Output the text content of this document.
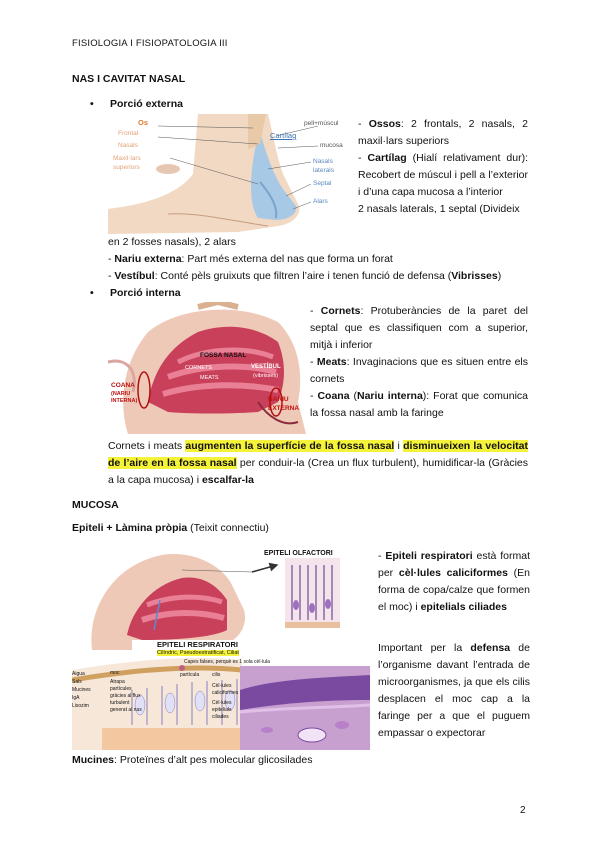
FISIOLOGIA I FISIOPATOLOGIA III
NAS I CAVITAT NASAL
• Porció externa
Os
Frontal
Nasals
Maxil·lars
superiors
pell+múscul
Cartílag
mucosa
Nasals
laterals
Septal
Alars
- Ossos: 2 frontals, 2 nasals, 2 maxil·lars superiors
- Cartílag (Hialí relativament dur): Recobert de múscul i pell a l’exterior i d’una capa mucosa a l’interior
2 nasals laterals, 1 septal (Divideix
en 2 fosses nasals), 2 alars
- Nariu externa: Part més externa del nas que forma un forat
- Vestíbul: Conté pèls gruixuts que filtren l’aire i tenen funció de defensa (Vibrisses)
• Porció interna
FOSSA NASAL
CORNETS
MEATS
VESTÍBUL
(vibrisses)
COANA
(NARIU
INTERNA)	NARIU
EXTERNA
- Cornets: Protuberàncies de la paret del septal que es classifiquen com a superior, mitjà i inferior
- Meats: Invaginacions que es situen entre els cornets
- Coana (Nariu interna): Forat que comunica la fossa nasal amb la faringe
Cornets i meats augmenten la superfície de la fossa nasal i disminueixen la velocitat de l’aire en la fossa nasal per conduir-la (Crea un flux turbulent), humidificar-la (Gràcies a la capa mucosa) i escalfar-la
MUCOSA
Epiteli + Làmina pròpia (Teixit connectiu)
EPITELI OLFACTORI
EPITELI RESPIRATORI
Cilíndric, Pseudoestratificat, Ciliat
Capes falses, perquè es 1 sola cèl·lula
Aigua
Sals
Mucines
IgA
Lisozim
moc
Atrapa
partícules
gràcies al flux
turbulent
generat al nas
partícula	cilis
Cèl·lules
caliciformes
Cèl·lules
epitelials
ciliades
- Epiteli respiratori està format per cèl·lules caliciformes (En forma de copa/calze que formen el moc) i epitelials ciliades
Important per la defensa de l’organisme davant l’entrada de microorganismes, ja que els cilis desplacen el moc cap a la faringe per a que el puguem empassar o expectorar
Mucines: Proteïnes d’alt pes molecular glicosilades
2
